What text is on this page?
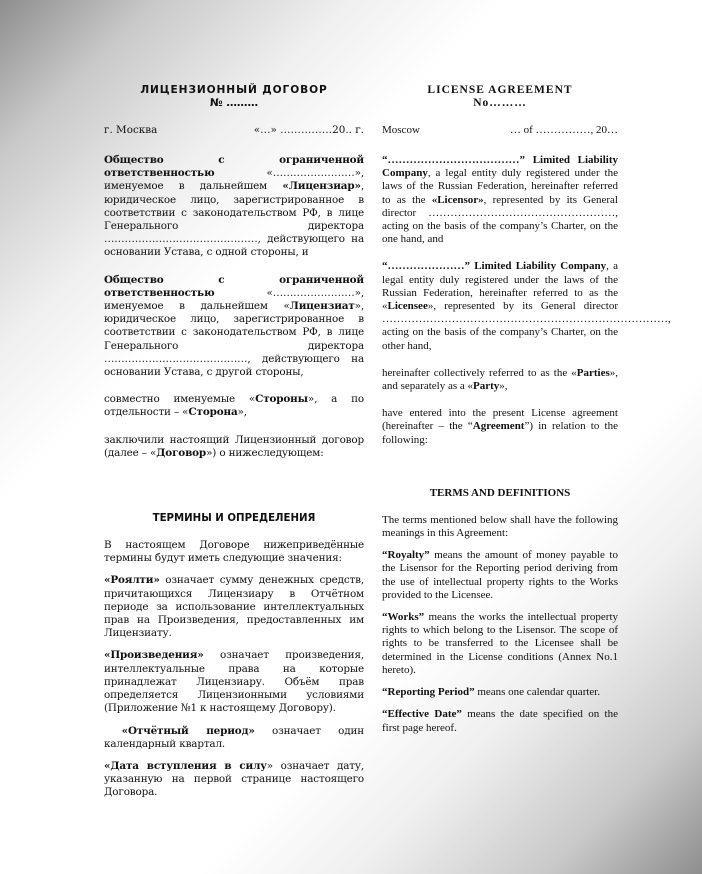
ЛИЦЕНЗИОННЫЙ ДОГОВОР

№ ………

г. Москва	«…» ……………20.. г.

Общество с ограниченной ответственностью «……………………», именуемое в дальнейшем «Лицензиар», юридическое лицо, зарегистрированное в соответствии с законодательством РФ, в лице Генерального директора ………………………………………, действующего на основании Устава, с одной стороны, и

Общество с ограниченной ответственностью «……………………», именуемое в дальнейшем «Лицензиат», юридическое лицо, зарегистрированное в соответствии с законодательством РФ, в лице Генерального директора ……………………………………, действующего на основании Устава, с другой стороны,

совместно именуемые «Стороны», а по отдельности – «Сторона»,

заключили настоящий Лицензионный договор (далее – «Договор») о нижеследующем:

ТЕРМИНЫ И ОПРЕДЕЛЕНИЯ

В настоящем Договоре нижеприведённые термины будут иметь следующие значения:

«Роялти» означает сумму денежных средств, причитающихся Лицензиару в Отчётном периоде за использование интеллектуальных прав на Произведения, предоставленных им Лицензиату.

«Произведения» означает произведения, интеллектуальные права на которые принадлежат Лицензиару. Объём прав определяется Лицензионными условиями (Приложение №1 к настоящему Договору).

«Отчётный период» означает один календарный квартал.

«Дата вступления в силу» означает дату, указанную на первой странице настоящего Договора.

LICENSE AGREEMENT

No………

Moscow	… of ……………, 20…

“………………………………” Limited Liability Company, a legal entity duly registered under the laws of the Russian Federation, hereinafter referred to as the «Licensor», represented by its General director ……………………………………………, acting on the basis of the company’s Charter, on the one hand, and

“…………………” Limited Liability Company, a legal entity duly registered under the laws of the Russian Federation, hereinafter referred to as the «Licensee», represented by its General director ……………………………………………………………………, acting on the basis of the company’s Charter, on the other hand,

hereinafter collectively referred to as the «Parties», and separately as a «Party»,

have entered into the present License agreement (hereinafter – the “Agreement”) in relation to the following:

TERMS AND DEFINITIONS

The terms mentioned below shall have the following meanings in this Agreement:

“Royalty” means the amount of money payable to the Lisensor for the Reporting period deriving from the use of intellectual property rights to the Works provided to the Licensee.

“Works” means the works the intellectual property rights to which belong to the Lisensor. The scope of rights to be transferred to the Licensee shall be determined in the License conditions (Annex No.1 hereto).

“Reporting Period” means one calendar quarter.

“Effective Date” means the date specified on the first page hereof.
